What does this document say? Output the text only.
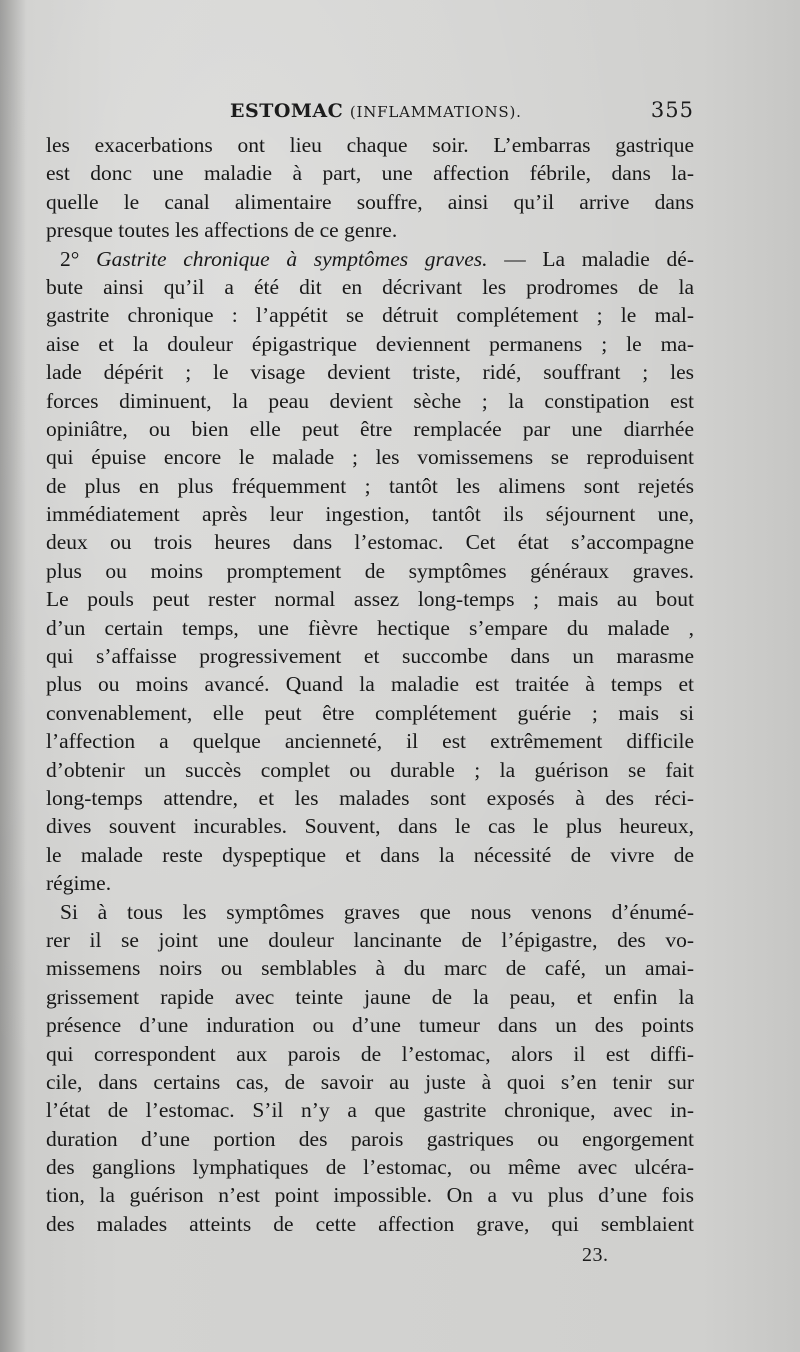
ESTOMAC (INFLAMMATIONS).	355
les exacerbations ont lieu chaque soir. L’embarras gastrique
est donc une maladie à part, une affection fébrile, dans la-
quelle le canal alimentaire souffre, ainsi qu’il arrive dans
presque toutes les affections de ce genre.
2° Gastrite chronique à symptômes graves. — La maladie dé-
bute ainsi qu’il a été dit en décrivant les prodromes de la
gastrite chronique : l’appétit se détruit complétement ; le mal-
aise et la douleur épigastrique deviennent permanens ; le ma-
lade dépérit ; le visage devient triste, ridé, souffrant ; les
forces diminuent, la peau devient sèche ; la constipation est
opiniâtre, ou bien elle peut être remplacée par une diarrhée
qui épuise encore le malade ; les vomissemens se reproduisent
de plus en plus fréquemment ; tantôt les alimens sont rejetés
immédiatement après leur ingestion, tantôt ils séjournent une,
deux ou trois heures dans l’estomac. Cet état s’accompagne
plus ou moins promptement de symptômes généraux graves.
Le pouls peut rester normal assez long-temps ; mais au bout
d’un certain temps, une fièvre hectique s’empare du malade ,
qui s’affaisse progressivement et succombe dans un marasme
plus ou moins avancé. Quand la maladie est traitée à temps et
convenablement, elle peut être complétement guérie ; mais si
l’affection a quelque ancienneté, il est extrêmement difficile
d’obtenir un succès complet ou durable ; la guérison se fait
long-temps attendre, et les malades sont exposés à des réci-
dives souvent incurables. Souvent, dans le cas le plus heureux,
le malade reste dyspeptique et dans la nécessité de vivre de
régime.
Si à tous les symptômes graves que nous venons d’énumé-
rer il se joint une douleur lancinante de l’épigastre, des vo-
missemens noirs ou semblables à du marc de café, un amai-
grissement rapide avec teinte jaune de la peau, et enfin la
présence d’une induration ou d’une tumeur dans un des points
qui correspondent aux parois de l’estomac, alors il est diffi-
cile, dans certains cas, de savoir au juste à quoi s’en tenir sur
l’état de l’estomac. S’il n’y a que gastrite chronique, avec in-
duration d’une portion des parois gastriques ou engorgement
des ganglions lymphatiques de l’estomac, ou même avec ulcéra-
tion, la guérison n’est point impossible. On a vu plus d’une fois
des malades atteints de cette affection grave, qui semblaient
23.
